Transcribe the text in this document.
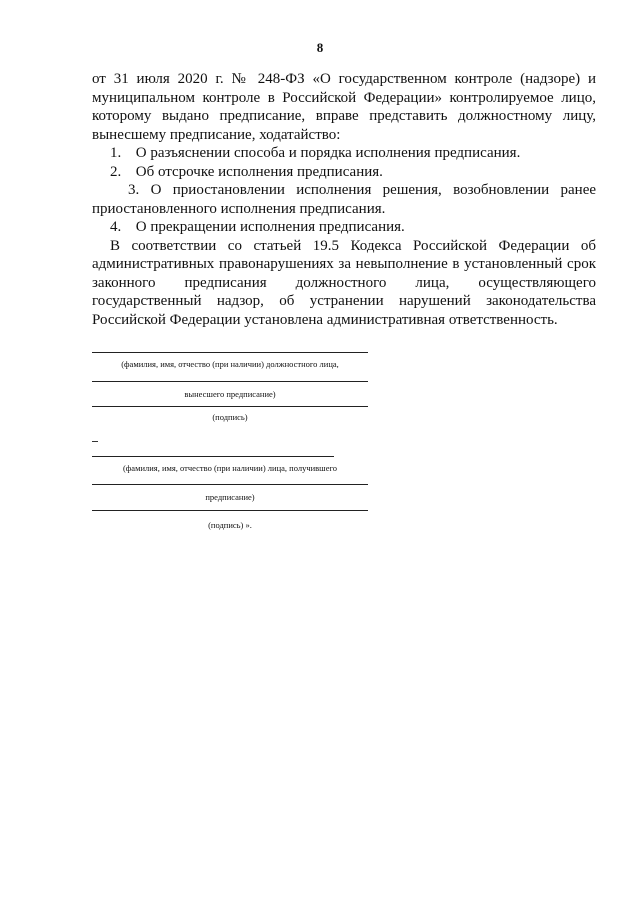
8

от 31 июля 2020 г. № 248-ФЗ «О государственном контроле (надзоре) и муниципальном контроле в Российской Федерации» контролируемое лицо, которому выдано предписание, вправе представить должностному лицу, вынесшему предписание, ходатайство:

1. О разъяснении способа и порядка исполнения предписания.

2. Об отсрочке исполнения предписания.

3. О приостановлении исполнения решения, возобновлении ранее приостановленного исполнения предписания.

4. О прекращении исполнения предписания.

В соответствии со статьей 19.5 Кодекса Российской Федерации об административных правонарушениях за невыполнение в установленный срок законного предписания должностного лица, осуществляющего государственный надзор, об устранении нарушений законодательства Российской Федерации установлена административная ответственность.

(фамилия, имя, отчество (при наличии) должностного лица,
вынесшего предписание)
(подпись)
(фамилия, имя, отчество (при наличии) лица, получившего
предписание)
(подпись) ».
